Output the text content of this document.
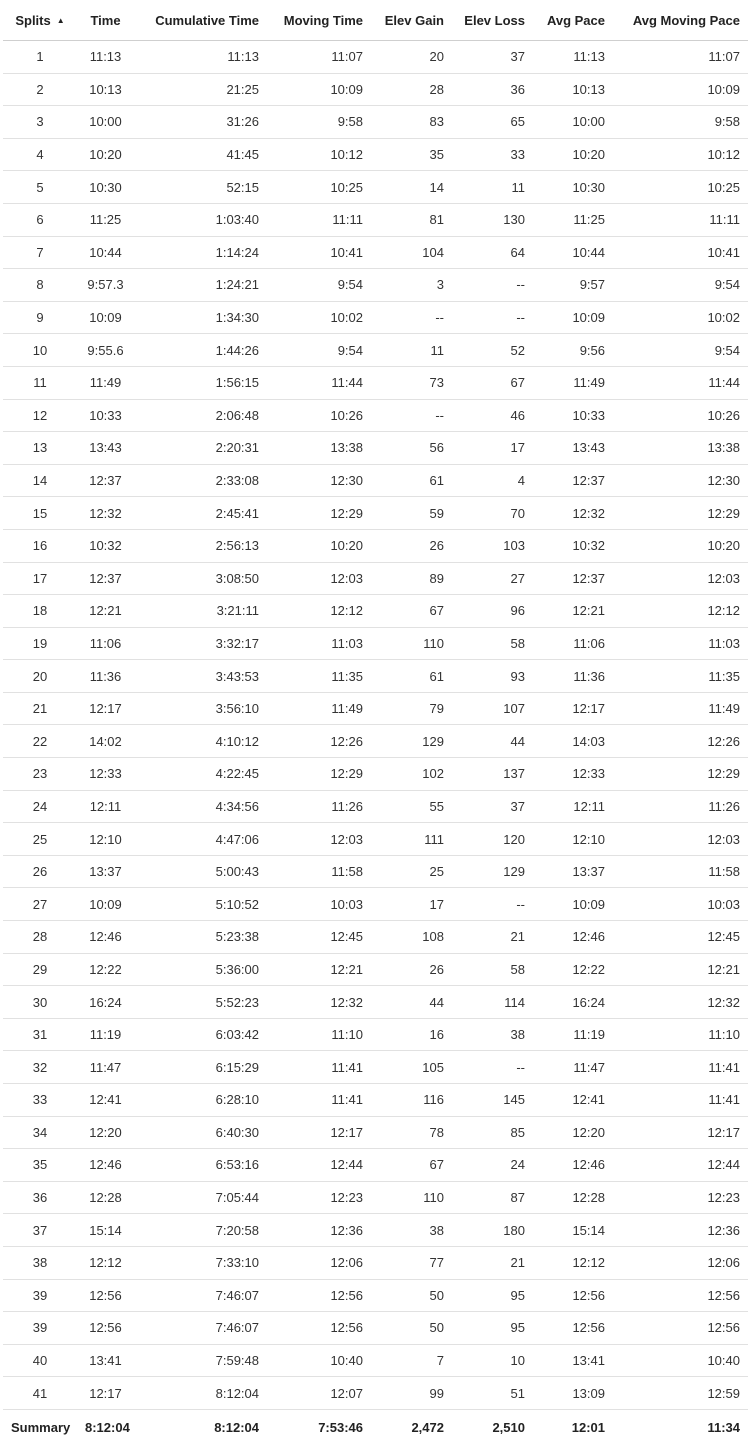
Splits ▲	Time	Cumulative Time	Moving Time	Elev Gain	Elev Loss	Avg Pace	Avg Moving Pace
1	11:13	11:13	11:07	20	37	11:13	11:07
2	10:13	21:25	10:09	28	36	10:13	10:09
3	10:00	31:26	9:58	83	65	10:00	9:58
4	10:20	41:45	10:12	35	33	10:20	10:12
5	10:30	52:15	10:25	14	11	10:30	10:25
6	11:25	1:03:40	11:11	81	130	11:25	11:11
7	10:44	1:14:24	10:41	104	64	10:44	10:41
8	9:57.3	1:24:21	9:54	3	--	9:57	9:54
9	10:09	1:34:30	10:02	--	--	10:09	10:02
10	9:55.6	1:44:26	9:54	11	52	9:56	9:54
11	11:49	1:56:15	11:44	73	67	11:49	11:44
12	10:33	2:06:48	10:26	--	46	10:33	10:26
13	13:43	2:20:31	13:38	56	17	13:43	13:38
14	12:37	2:33:08	12:30	61	4	12:37	12:30
15	12:32	2:45:41	12:29	59	70	12:32	12:29
16	10:32	2:56:13	10:20	26	103	10:32	10:20
17	12:37	3:08:50	12:03	89	27	12:37	12:03
18	12:21	3:21:11	12:12	67	96	12:21	12:12
19	11:06	3:32:17	11:03	110	58	11:06	11:03
20	11:36	3:43:53	11:35	61	93	11:36	11:35
21	12:17	3:56:10	11:49	79	107	12:17	11:49
22	14:02	4:10:12	12:26	129	44	14:03	12:26
23	12:33	4:22:45	12:29	102	137	12:33	12:29
24	12:11	4:34:56	11:26	55	37	12:11	11:26
25	12:10	4:47:06	12:03	111	120	12:10	12:03
26	13:37	5:00:43	11:58	25	129	13:37	11:58
27	10:09	5:10:52	10:03	17	--	10:09	10:03
28	12:46	5:23:38	12:45	108	21	12:46	12:45
29	12:22	5:36:00	12:21	26	58	12:22	12:21
30	16:24	5:52:23	12:32	44	114	16:24	12:32
31	11:19	6:03:42	11:10	16	38	11:19	11:10
32	11:47	6:15:29	11:41	105	--	11:47	11:41
33	12:41	6:28:10	11:41	116	145	12:41	11:41
34	12:20	6:40:30	12:17	78	85	12:20	12:17
35	12:46	6:53:16	12:44	67	24	12:46	12:44
36	12:28	7:05:44	12:23	110	87	12:28	12:23
37	15:14	7:20:58	12:36	38	180	15:14	12:36
38	12:12	7:33:10	12:06	77	21	12:12	12:06
39	12:56	7:46:07	12:56	50	95	12:56	12:56
39	12:56	7:46:07	12:56	50	95	12:56	12:56
40	13:41	7:59:48	10:40	7	10	13:41	10:40
41	12:17	8:12:04	12:07	99	51	13:09	12:59
Summary	8:12:04	8:12:04	7:53:46	2,472	2,510	12:01	11:34
